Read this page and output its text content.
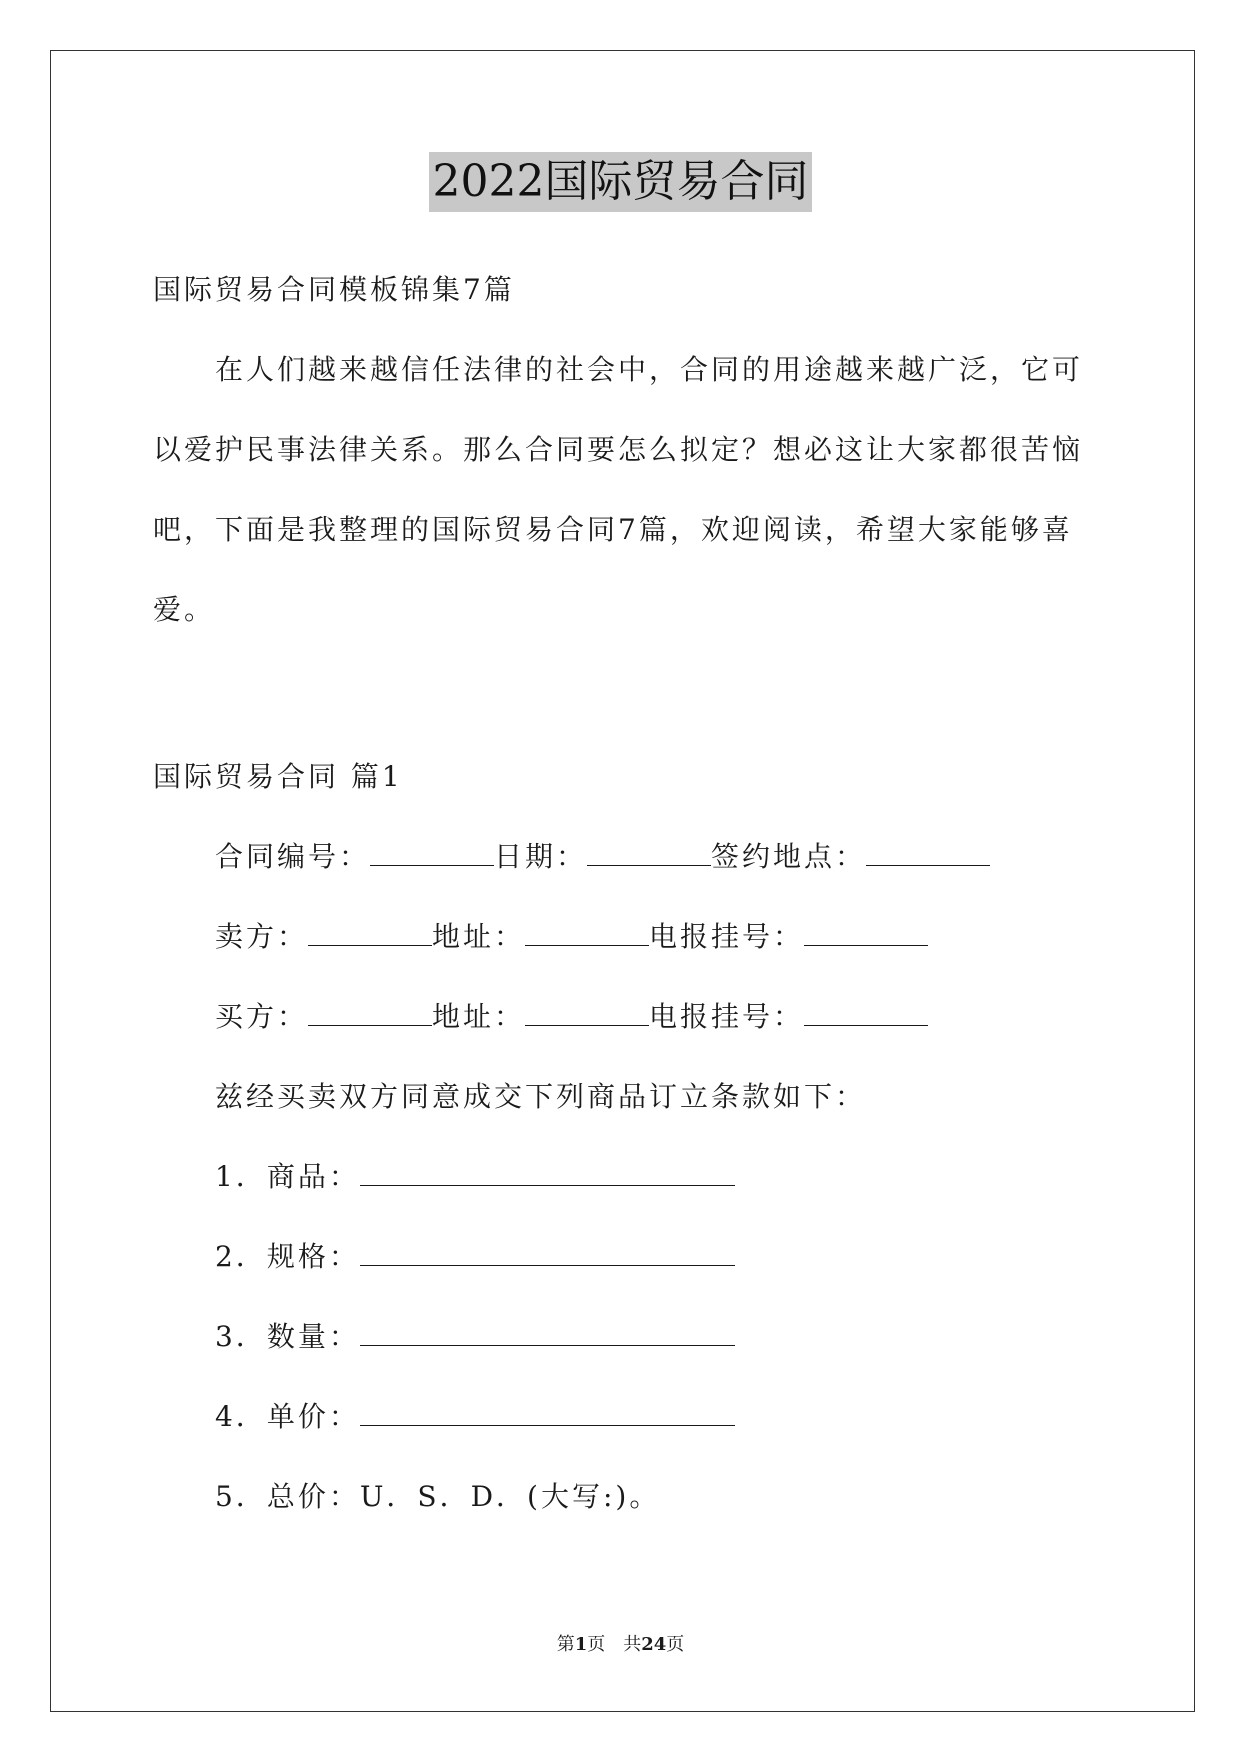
2022国际贸易合同
国际贸易合同模板锦集7篇
在人们越来越信任法律的社会中，合同的用途越来越广泛，它可
以爱护民事法律关系。那么合同要怎么拟定？想必这让大家都很苦恼
吧，下面是我整理的国际贸易合同7篇，欢迎阅读，希望大家能够喜
爱。
国际贸易合同 篇1
合同编号：	日期：	签约地点：
卖方：	地址：	电报挂号：
买方：	地址：	电报挂号：
兹经买卖双方同意成交下列商品订立条款如下：
1．商品：
2．规格：
3．数量：
4．单价：
5．总价：U．S．D．(大写:)。
第1页　共24页
